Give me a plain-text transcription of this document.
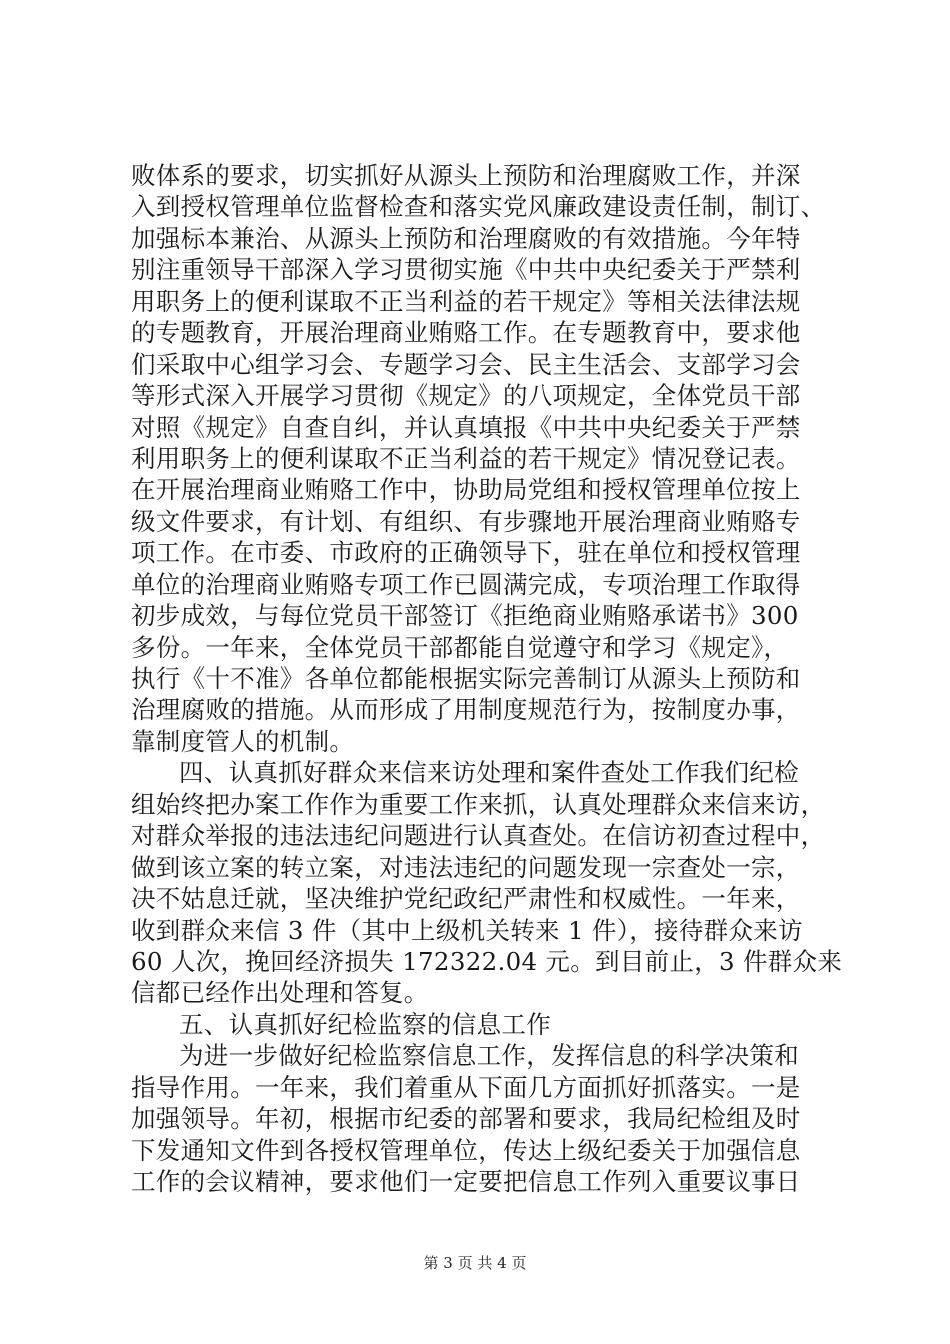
败体系的要求，切实抓好从源头上预防和治理腐败工作，并深
入到授权管理单位监督检查和落实党风廉政建设责任制，制订、
加强标本兼治、从源头上预防和治理腐败的有效措施。今年特
别注重领导干部深入学习贯彻实施《中共中央纪委关于严禁利
用职务上的便利谋取不正当利益的若干规定》等相关法律法规
的专题教育，开展治理商业贿赂工作。在专题教育中，要求他
们采取中心组学习会、专题学习会、民主生活会、支部学习会
等形式深入开展学习贯彻《规定》的八项规定，全体党员干部
对照《规定》自查自纠，并认真填报《中共中央纪委关于严禁
利用职务上的便利谋取不正当利益的若干规定》情况登记表。
在开展治理商业贿赂工作中，协助局党组和授权管理单位按上
级文件要求，有计划、有组织、有步骤地开展治理商业贿赂专
项工作。在市委、市政府的正确领导下，驻在单位和授权管理
单位的治理商业贿赂专项工作已圆满完成，专项治理工作取得
初步成效，与每位党员干部签订《拒绝商业贿赂承诺书》300
多份。一年来，全体党员干部都能自觉遵守和学习《规定》，
执行《十不准》各单位都能根据实际完善制订从源头上预防和
治理腐败的措施。从而形成了用制度规范行为，按制度办事，
靠制度管人的机制。
四、认真抓好群众来信来访处理和案件查处工作我们纪检
组始终把办案工作作为重要工作来抓，认真处理群众来信来访，
对群众举报的违法违纪问题进行认真查处。在信访初查过程中，
做到该立案的转立案，对违法违纪的问题发现一宗查处一宗，
决不姑息迁就，坚决维护党纪政纪严肃性和权威性。一年来，
收到群众来信 3 件（其中上级机关转来 1 件），接待群众来访
60 人次，挽回经济损失 172322.04 元。到目前止，3 件群众来
信都已经作出处理和答复。
五、认真抓好纪检监察的信息工作
为进一步做好纪检监察信息工作，发挥信息的科学决策和
指导作用。一年来，我们着重从下面几方面抓好抓落实。一是
加强领导。年初，根据市纪委的部署和要求，我局纪检组及时
下发通知文件到各授权管理单位，传达上级纪委关于加强信息
工作的会议精神，要求他们一定要把信息工作列入重要议事日
第 3 页 共 4 页
